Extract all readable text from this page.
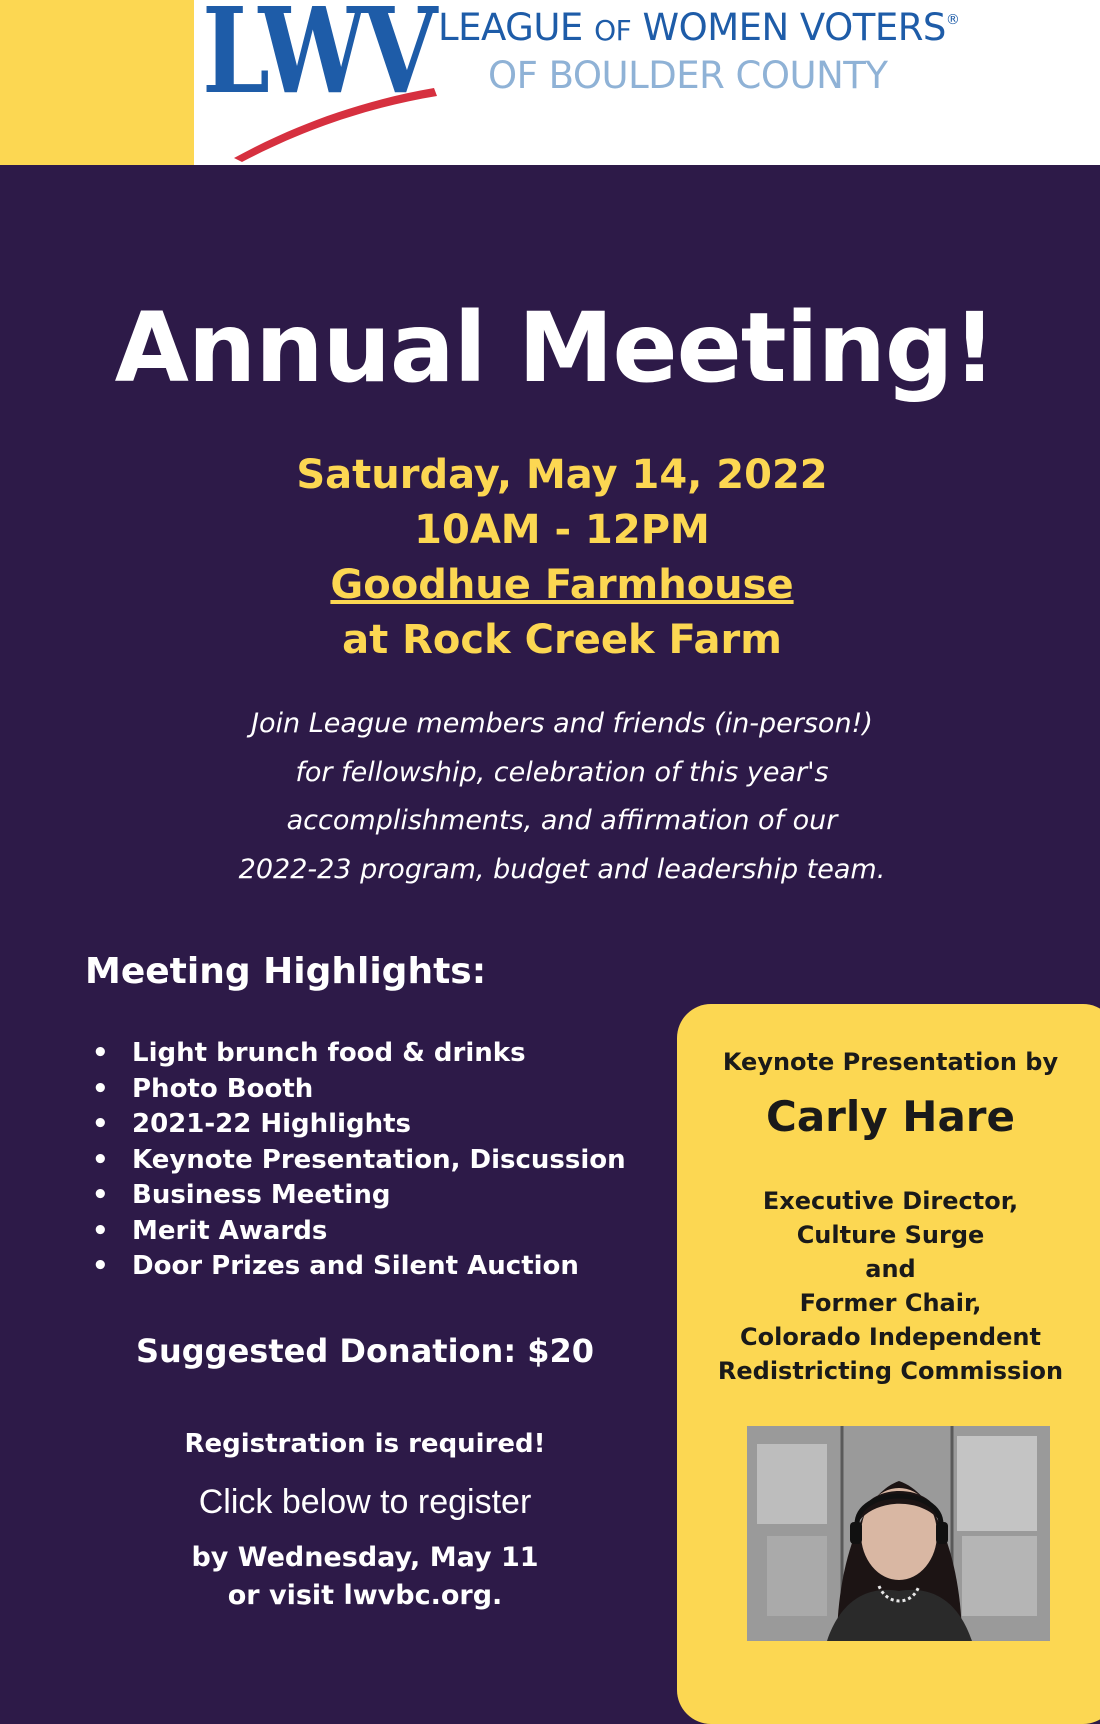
LWV LEAGUE OF WOMEN VOTERS®
OF BOULDER COUNTY
Annual Meeting!
Saturday, May 14, 2022
10AM - 12PM
Goodhue Farmhouse
at Rock Creek Farm
Join League members and friends (in-person!)
for fellowship, celebration of this year's
accomplishments, and affirmation of our
2022-23 program, budget and leadership team.
Meeting Highlights:
• Light brunch food & drinks
• Photo Booth
• 2021-22 Highlights
• Keynote Presentation, Discussion
• Business Meeting
• Merit Awards
• Door Prizes and Silent Auction
Suggested Donation: $20
Registration is required!
Click below to register
by Wednesday, May 11
or visit lwvbc.org.
Keynote Presentation by
Carly Hare
Executive Director,
Culture Surge
and
Former Chair,
Colorado Independent
Redistricting Commission
